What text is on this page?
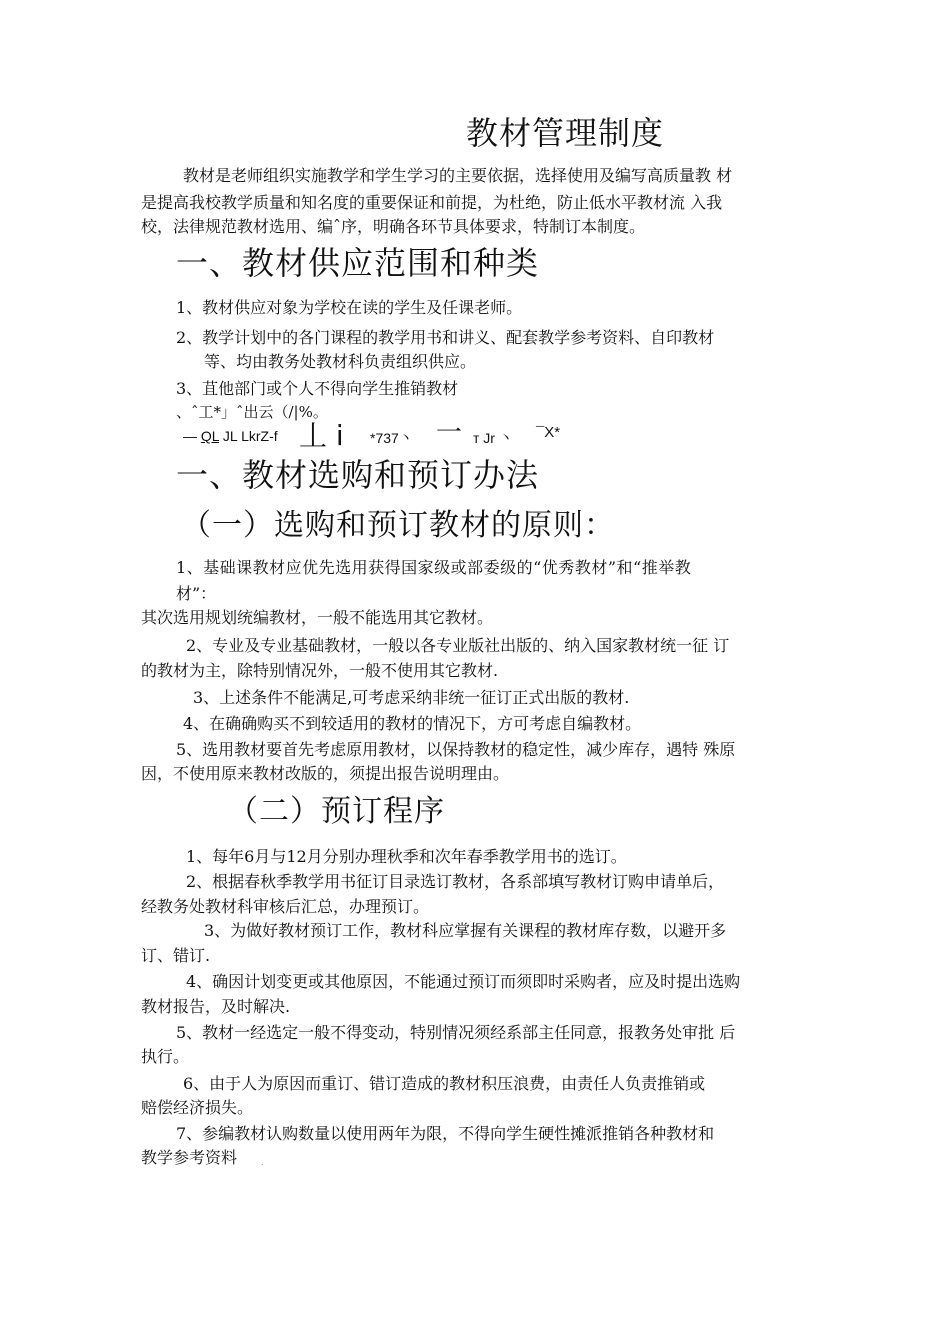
教材管理制度
教材是老师组织实施教学和学生学习的主要依据，选择使用及编写高质量教 材
是提高我校教学质量和知名度的重要保证和前提，为杜绝，防止低水平教材流 入我
校，法律规范教材选用、编ˆ序，明确各环节具体要求，特制订本制度。
一、教材供应范围和种类
1、教材供应对象为学校在读的学生及任课老师。
2、教学计划中的各门课程的教学用书和讲义、配套教学参考资料、自印教材
等、均由教务处教材科负责组织供应。
3、苴他部门或个人不得向学生推销教材
、ˆ工*」ˆ出云（/|%。
— QL JL LkrZ-f 丄 i *737丶 一 т Jr 丶 ¯X*
一、教材选购和预订办法
（一）选购和预订教材的原则：
1、基础课教材应优先选用获得国家级或部委级的“优秀教材”和“推举教
材”：
其次选用规划统编教材，一般不能选用其它教材。
2、专业及专业基础教材，一般以各专业版社出版的、纳入国家教材统一征 订
的教材为主，除特别情况外，一般不使用其它教材.
3、上述条件不能满足,可考虑采纳非统一征订正式出版的教材.
4、在确确购买不到较适用的教材的情况下，方可考虑自编教材。
5、选用教材要首先考虑原用教材，以保持教材的稳定性，减少库存，遇特 殊原
因，不使用原来教材改版的，须提出报告说明理由。
（二）预订程序
1、每年6月与12月分别办理秋季和次年春季教学用书的选订。
2、根据春秋季教学用书征订目录选订教材，各系部填写教材订购申请单后，
经教务处教材科审核后汇总，办理预订。
3、为做好教材预订工作，教材科应掌握有关课程的教材库存数，以避开多
订、错订.
4、确因计划变更或其他原因，不能通过预订而须即时采购者，应及时提出选购
教材报告，及时解决.
5、教材一经选定一般不得变动，特别情况须经系部主任同意，报教务处审批 后
执行。
6、由于人为原因而重订、错订造成的教材积压浪费，由责任人负责推销或
赔偿经济损失。
7、参编教材认购数量以使用两年为限，不得向学生硬性摊派推销各种教材和
教学参考资料	.
